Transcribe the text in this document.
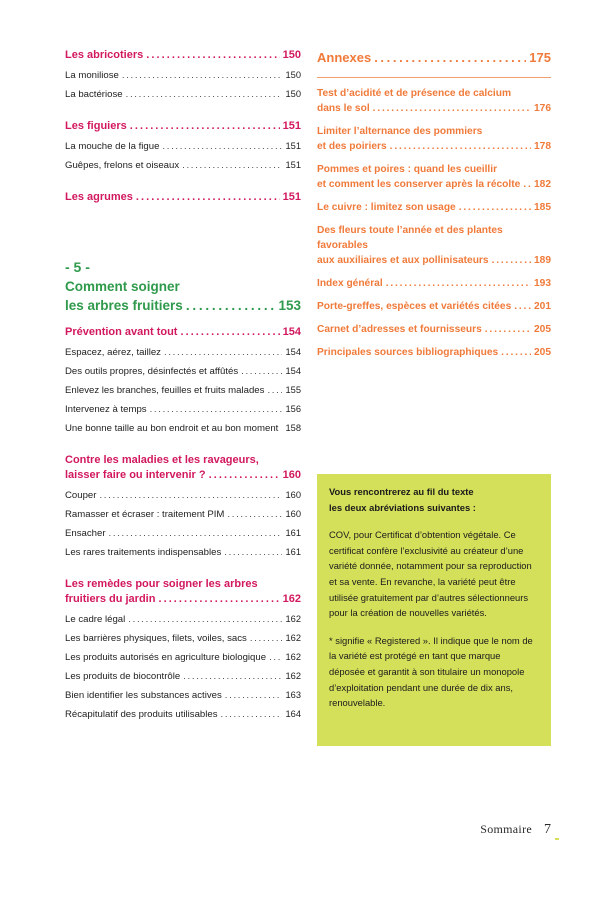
Les abricotiers . . .	150
La moniliose . . .	150
La bactériose . . .	150
Les figuiers . . .	151
La mouche de la figue . . .	151
Guêpes, frelons et oiseaux . . .	151
Les agrumes . . .	151
- 5 -
Comment soigner
les arbres fruitiers . . .	153
Prévention avant tout . . .	154
Espacez, aérez, taillez . . .	154
Des outils propres, désinfectés et affûtés . . .	154
Enlevez les branches, feuilles et fruits malades . . . 155
Intervenez à temps . . .	156
Une bonne taille au bon endroit et au bon moment . . . 158
Contre les maladies et les ravageurs,
laisser faire ou intervenir ? . . .	160
Couper . . .	160
Ramasser et écraser : traitement PIM . . .	160
Ensacher . . .	161
Les rares traitements indispensables . . .	161
Les remèdes pour soigner les arbres
fruitiers du jardin . . .	162
Le cadre légal . . .	162
Les barrières physiques, filets, voiles, sacs . . .	162
Les produits autorisés en agriculture biologique . . . 162
Les produits de biocontrôle . . .	162
Bien identifier les substances actives . . .	163
Récapitulatif des produits utilisables . . .	164
Annexes . . .	175
Test d’acidité et de présence de calcium
dans le sol . . .	176
Limiter l’alternance des pommiers
et des poiriers . . .	178
Pommes et poires : quand les cueillir
et comment les conserver après la récolte . . . 182
Le cuivre : limitez son usage . . .	185
Des fleurs toute l’année et des plantes favorables
aux auxiliaires et aux pollinisateurs . . .	189
Index général . . .	193
Porte-greffes, espèces et variétés citées . . . 201
Carnet d’adresses et fournisseurs . . .	205
Principales sources bibliographiques . . .	205
Vous rencontrerez au fil du texte
les deux abréviations suivantes :

COV, pour Certificat d’obtention végétale. Ce certificat confère l’exclusivité au créateur d’une variété donnée, notamment pour sa reproduction et sa vente. En revanche, la variété peut être utilisée gratuitement par d’autres sélectionneurs pour la création de nouvelles variétés.

* signifie « Registered ». Il indique que le nom de la variété est protégé en tant que marque déposée et garantit à son titulaire un monopole d’exploitation pendant une durée de dix ans, renouvelable.

Sommaire 7
